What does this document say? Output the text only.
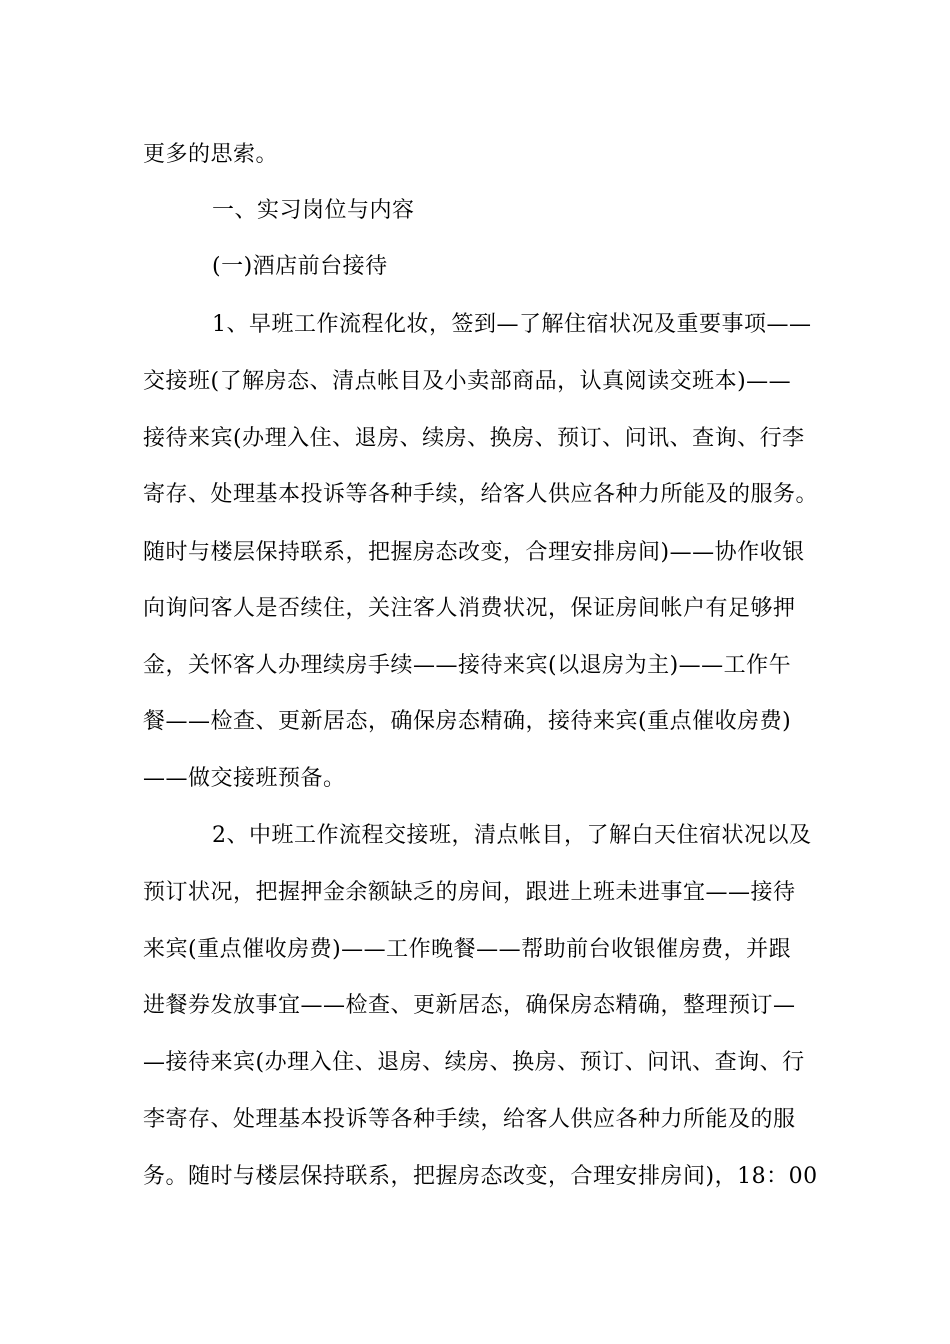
更多的思索。
一、实习岗位与内容
(一)酒店前台接待
1、早班工作流程化妆，签到—了解住宿状况及重要事项——
交接班(了解房态、清点帐目及小卖部商品，认真阅读交班本)——
接待来宾(办理入住、退房、续房、换房、预订、问讯、查询、行李
寄存、处理基本投诉等各种手续，给客人供应各种力所能及的服务。
随时与楼层保持联系，把握房态改变，合理安排房间)——协作收银
向询问客人是否续住，关注客人消费状况，保证房间帐户有足够押
金，关怀客人办理续房手续——接待来宾(以退房为主)——工作午
餐——检查、更新居态，确保房态精确，接待来宾(重点催收房费)
——做交接班预备。
2、中班工作流程交接班，清点帐目，了解白天住宿状况以及
预订状况，把握押金余额缺乏的房间，跟进上班未进事宜——接待
来宾(重点催收房费)——工作晚餐——帮助前台收银催房费，并跟
进餐券发放事宜——检查、更新居态，确保房态精确，整理预订—
—接待来宾(办理入住、退房、续房、换房、预订、问讯、查询、行
李寄存、处理基本投诉等各种手续，给客人供应各种力所能及的服
务。随时与楼层保持联系，把握房态改变，合理安排房间)，18：00
